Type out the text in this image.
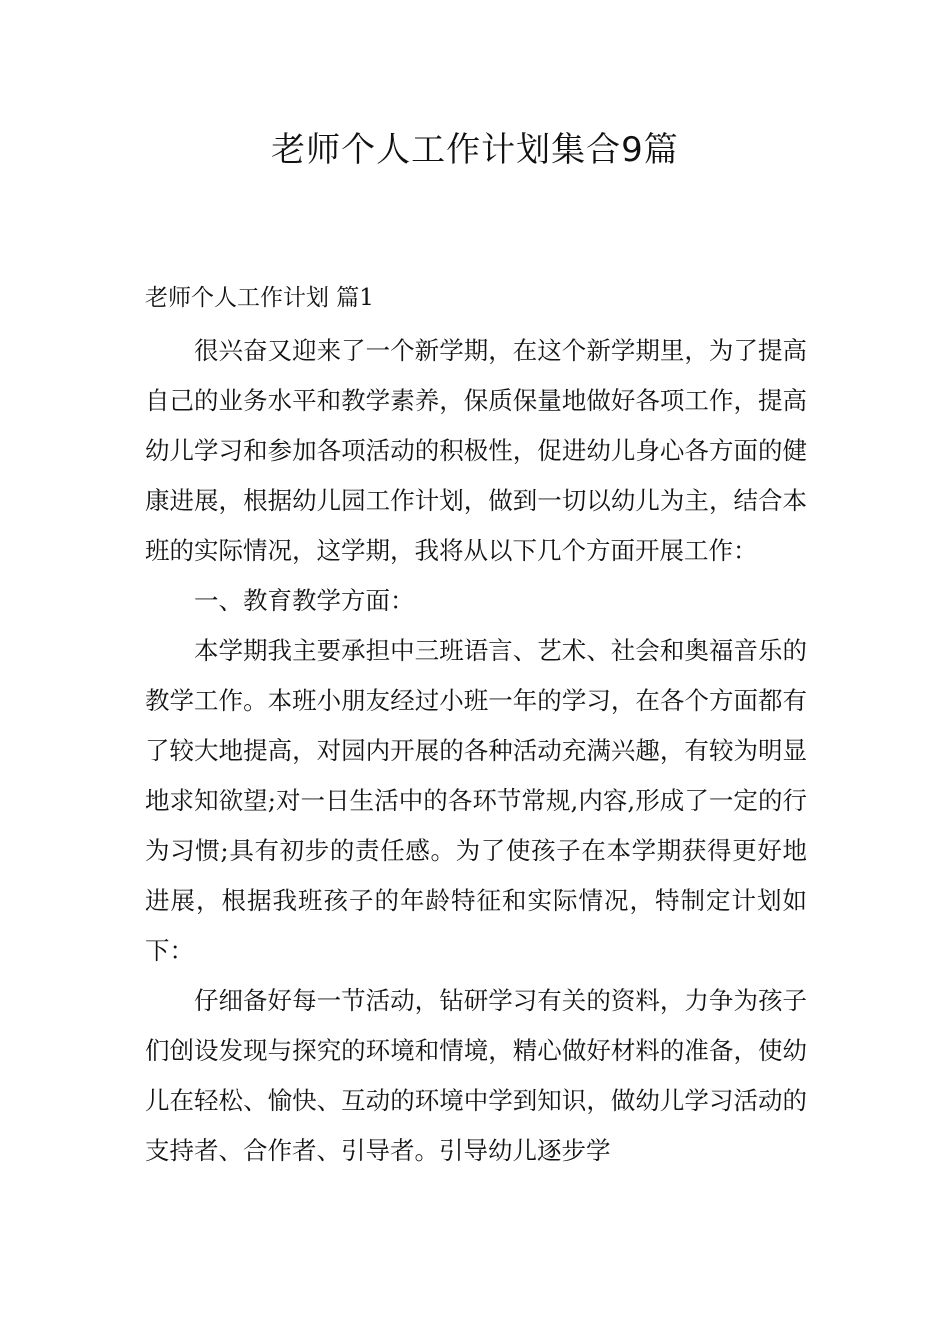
老师个人工作计划集合9篇
老师个人工作计划 篇1

很兴奋又迎来了一个新学期，在这个新学期里，为了提高自己的业务水平和教学素养，保质保量地做好各项工作，提高幼儿学习和参加各项活动的积极性，促进幼儿身心各方面的健康进展，根据幼儿园工作计划，做到一切以幼儿为主，结合本班的实际情况，这学期，我将从以下几个方面开展工作：

一、教育教学方面：

本学期我主要承担中三班语言、艺术、社会和奥福音乐的教学工作。本班小朋友经过小班一年的学习，在各个方面都有了较大地提高，对园内开展的各种活动充满兴趣，有较为明显地求知欲望;对一日生活中的各环节常规,内容,形成了一定的行为习惯;具有初步的责任感。为了使孩子在本学期获得更好地进展，根据我班孩子的年龄特征和实际情况，特制定计划如下：

仔细备好每一节活动，钻研学习有关的资料，力争为孩子们创设发现与探究的环境和情境，精心做好材料的准备，使幼儿在轻松、愉快、互动的环境中学到知识，做幼儿学习活动的支持者、合作者、引导者。引导幼儿逐步学
